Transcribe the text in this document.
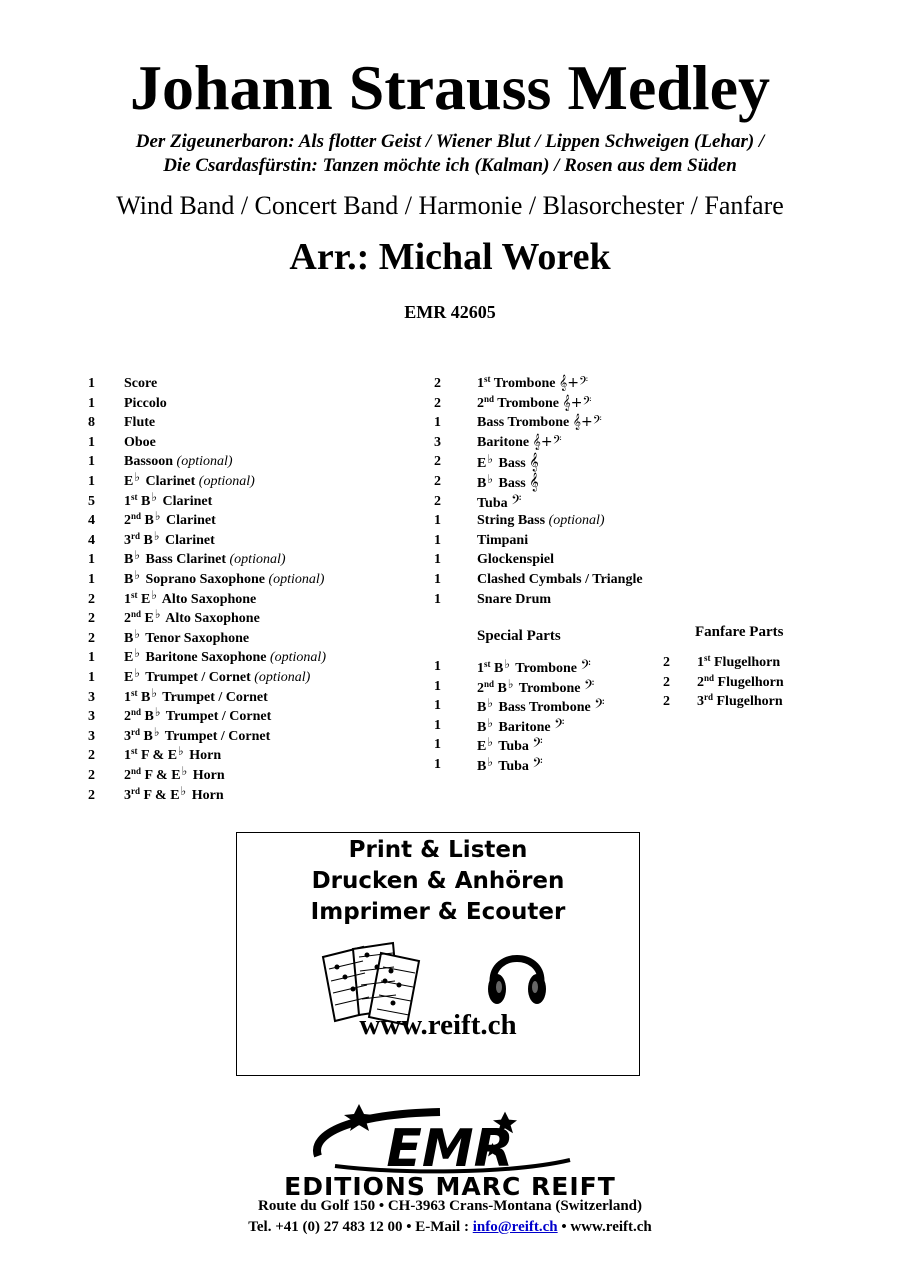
Johann Strauss Medley
Der Zigeunerbaron: Als flotter Geist / Wiener Blut / Lippen Schweigen (Lehar) /
Die Csardasfürstin: Tanzen möchte ich (Kalman) / Rosen aus dem Süden
Wind Band / Concert Band / Harmonie / Blasorchester / Fanfare
Arr.: Michal Worek
EMR 42605
1	Score
1	Piccolo
8	Flute
1	Oboe
1	Bassoon (optional)
1	E♭ Clarinet (optional)
5	1st B♭ Clarinet
4	2nd B♭ Clarinet
4	3rd B♭ Clarinet
1	B♭ Bass Clarinet (optional)
1	B♭ Soprano Saxophone (optional)
2	1st E♭ Alto Saxophone
2	2nd E♭ Alto Saxophone
2	B♭ Tenor Saxophone
1	E♭ Baritone Saxophone (optional)
1	E♭ Trumpet / Cornet (optional)
3	1st B♭ Trumpet / Cornet
3	2nd B♭ Trumpet / Cornet
3	3rd B♭ Trumpet / Cornet
2	1st F & E♭ Horn
2	2nd F & E♭ Horn
2	3rd F & E♭ Horn
2	1st Trombone 𝄞+𝄢
2	2nd Trombone 𝄞+𝄢
1	Bass Trombone 𝄞+𝄢
3	Baritone 𝄞+𝄢
2	E♭ Bass 𝄞
2	B♭ Bass 𝄞
2	Tuba 𝄢
1	String Bass (optional)
1	Timpani
1	Glockenspiel
1	Clashed Cymbals / Triangle
1	Snare Drum
Special Parts
1	1st B♭ Trombone 𝄢
1	2nd B♭ Trombone 𝄢
1	B♭ Bass Trombone 𝄢
1	B♭ Baritone 𝄢
1	E♭ Tuba 𝄢
1	B♭ Tuba 𝄢
Fanfare Parts
2	1st Flugelhorn
2	2nd Flugelhorn
2	3rd Flugelhorn
Print & Listen
Drucken & Anhören
Imprimer & Ecouter
www.reift.ch
EMR
EDITIONS MARC REIFT
Route du Golf 150 • CH-3963 Crans-Montana (Switzerland)
Tel. +41 (0) 27 483 12 00 • E-Mail : info@reift.ch • www.reift.ch
